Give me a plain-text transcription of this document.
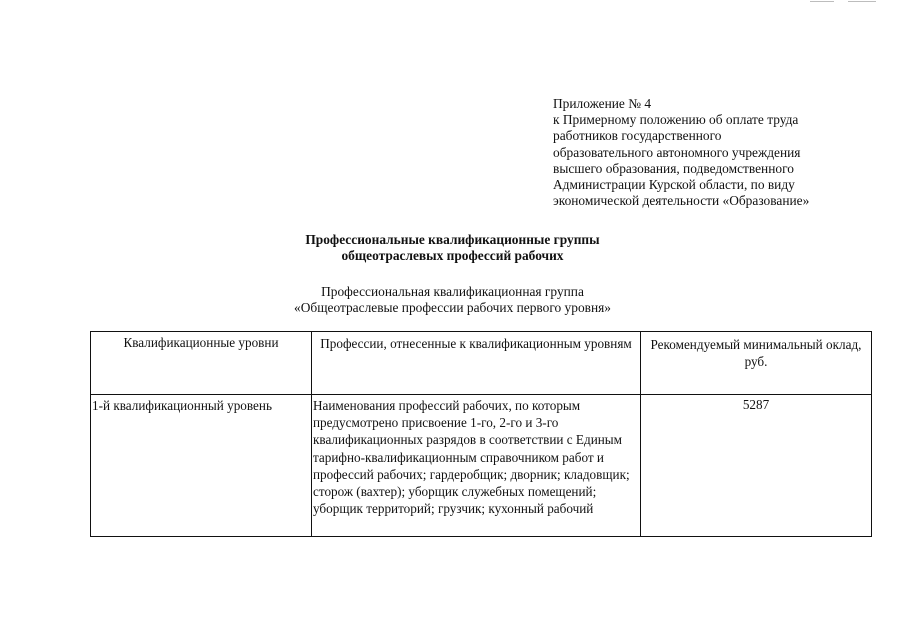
Приложение № 4
к Примерному положению об оплате труда
работников государственного
образовательного автономного учреждения
высшего образования, подведомственного
Администрации Курской области, по виду
экономической деятельности «Образование»
Профессиональные квалификационные группы
общеотраслевых профессий рабочих
Профессиональная квалификационная группа
«Общеотраслевые профессии рабочих первого уровня»
Квалификационные уровни	Профессии, отнесенные к квалификационным уровням	Рекомендуемый минимальный оклад, руб.

1-й квалификационный уровень	Наименования профессий рабочих, по которым предусмотрено присвоение 1-го, 2-го и 3-го квалификационных разрядов в соответствии с Единым тарифно-квалификационным справочником работ и профессий рабочих; гардеробщик; дворник; кладовщик; сторож (вахтер); уборщик служебных помещений; уборщик территорий; грузчик; кухонный рабочий	5287
